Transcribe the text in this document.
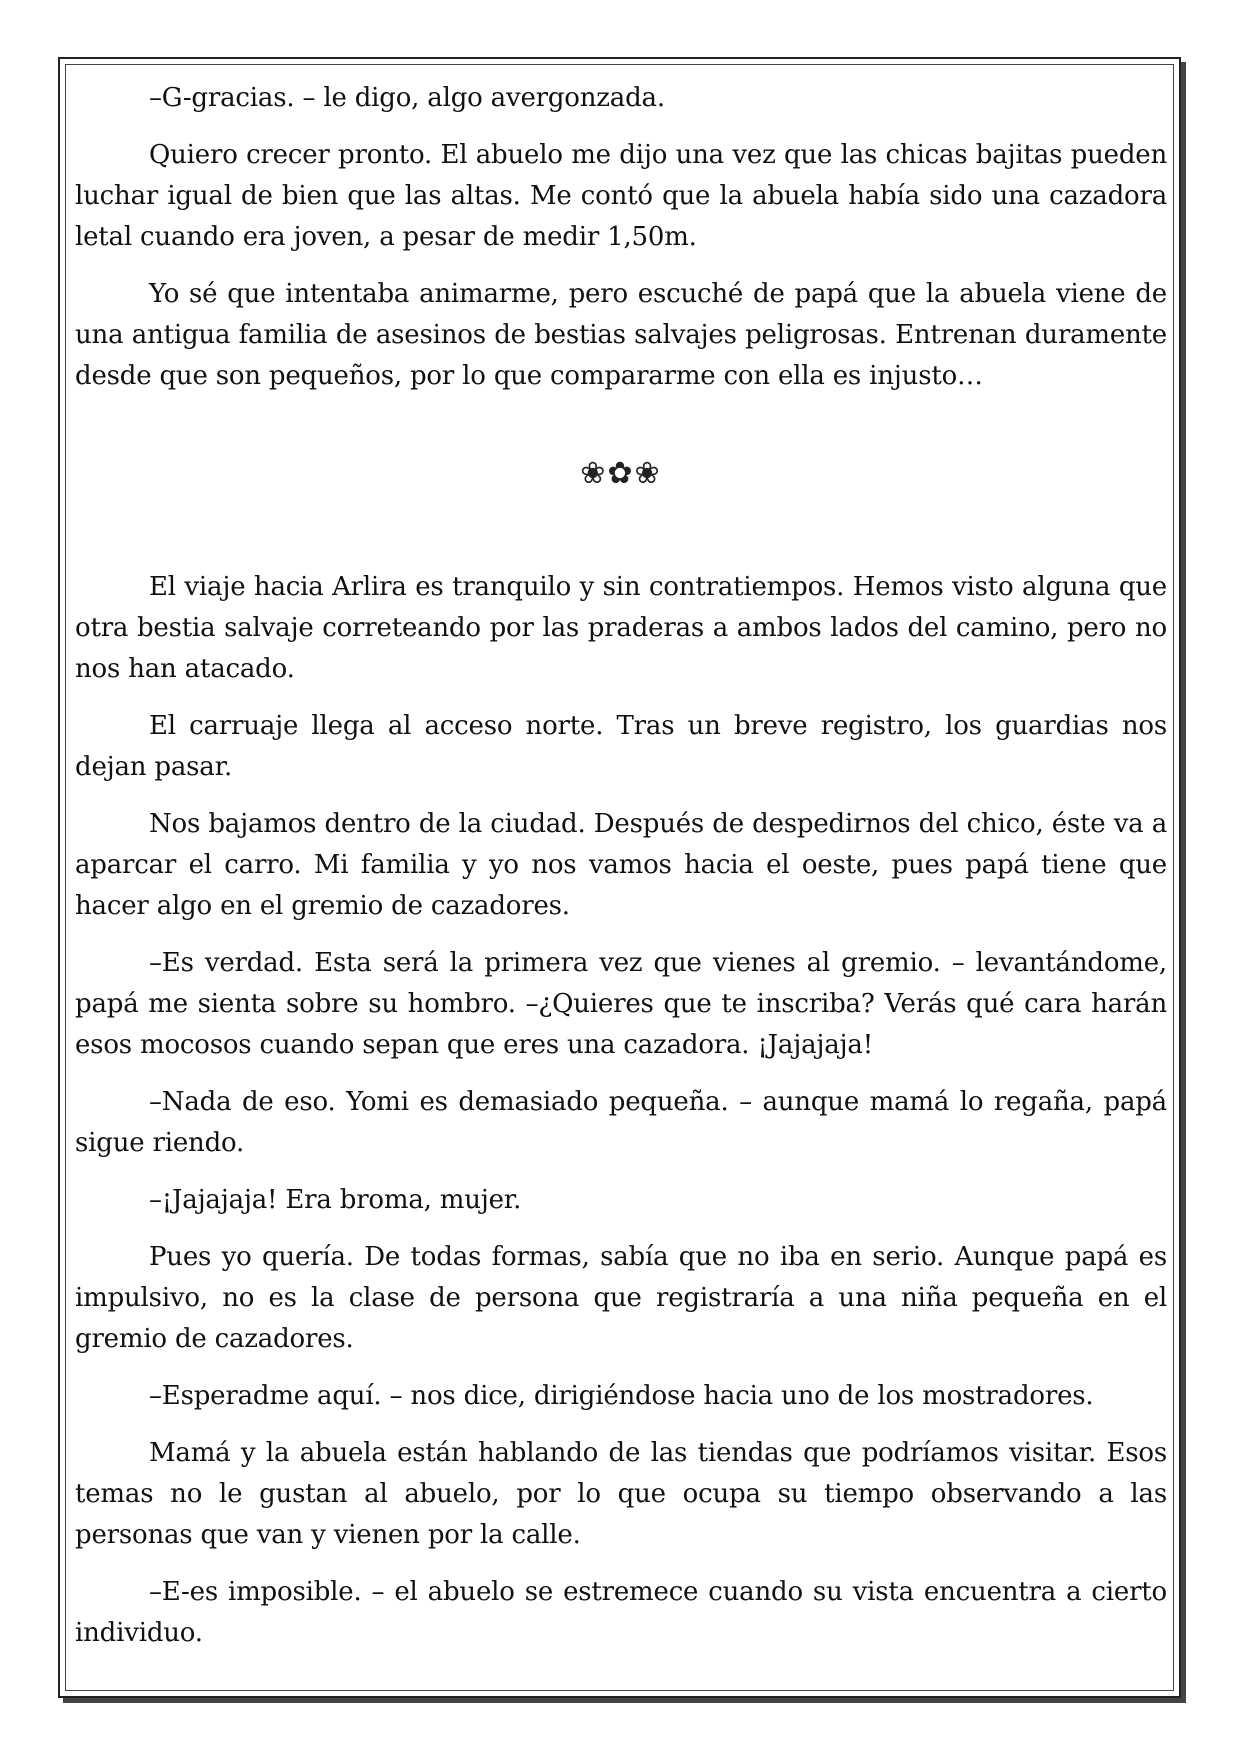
–G-gracias. – le digo, algo avergonzada.

Quiero crecer pronto. El abuelo me dijo una vez que las chicas bajitas pueden luchar igual de bien que las altas. Me contó que la abuela había sido una cazadora letal cuando era joven, a pesar de medir 1,50m.

Yo sé que intentaba animarme, pero escuché de papá que la abuela viene de una antigua familia de asesinos de bestias salvajes peligrosas. Entrenan duramente desde que son pequeños, por lo que compararme con ella es injusto…

❀✿❀

El viaje hacia Arlira es tranquilo y sin contratiempos. Hemos visto alguna que otra bestia salvaje correteando por las praderas a ambos lados del camino, pero no nos han atacado.

El carruaje llega al acceso norte. Tras un breve registro, los guardias nos dejan pasar.

Nos bajamos dentro de la ciudad. Después de despedirnos del chico, éste va a aparcar el carro. Mi familia y yo nos vamos hacia el oeste, pues papá tiene que hacer algo en el gremio de cazadores.

–Es verdad. Esta será la primera vez que vienes al gremio. – levantándome, papá me sienta sobre su hombro. –¿Quieres que te inscriba? Verás qué cara harán esos mocosos cuando sepan que eres una cazadora. ¡Jajajaja!

–Nada de eso. Yomi es demasiado pequeña. – aunque mamá lo regaña, papá sigue riendo.

–¡Jajajaja! Era broma, mujer.

Pues yo quería. De todas formas, sabía que no iba en serio. Aunque papá es impulsivo, no es la clase de persona que registraría a una niña pequeña en el gremio de cazadores.

–Esperadme aquí. – nos dice, dirigiéndose hacia uno de los mostradores.

Mamá y la abuela están hablando de las tiendas que podríamos visitar. Esos temas no le gustan al abuelo, por lo que ocupa su tiempo observando a las personas que van y vienen por la calle.

–E-es imposible. – el abuelo se estremece cuando su vista encuentra a cierto individuo.
